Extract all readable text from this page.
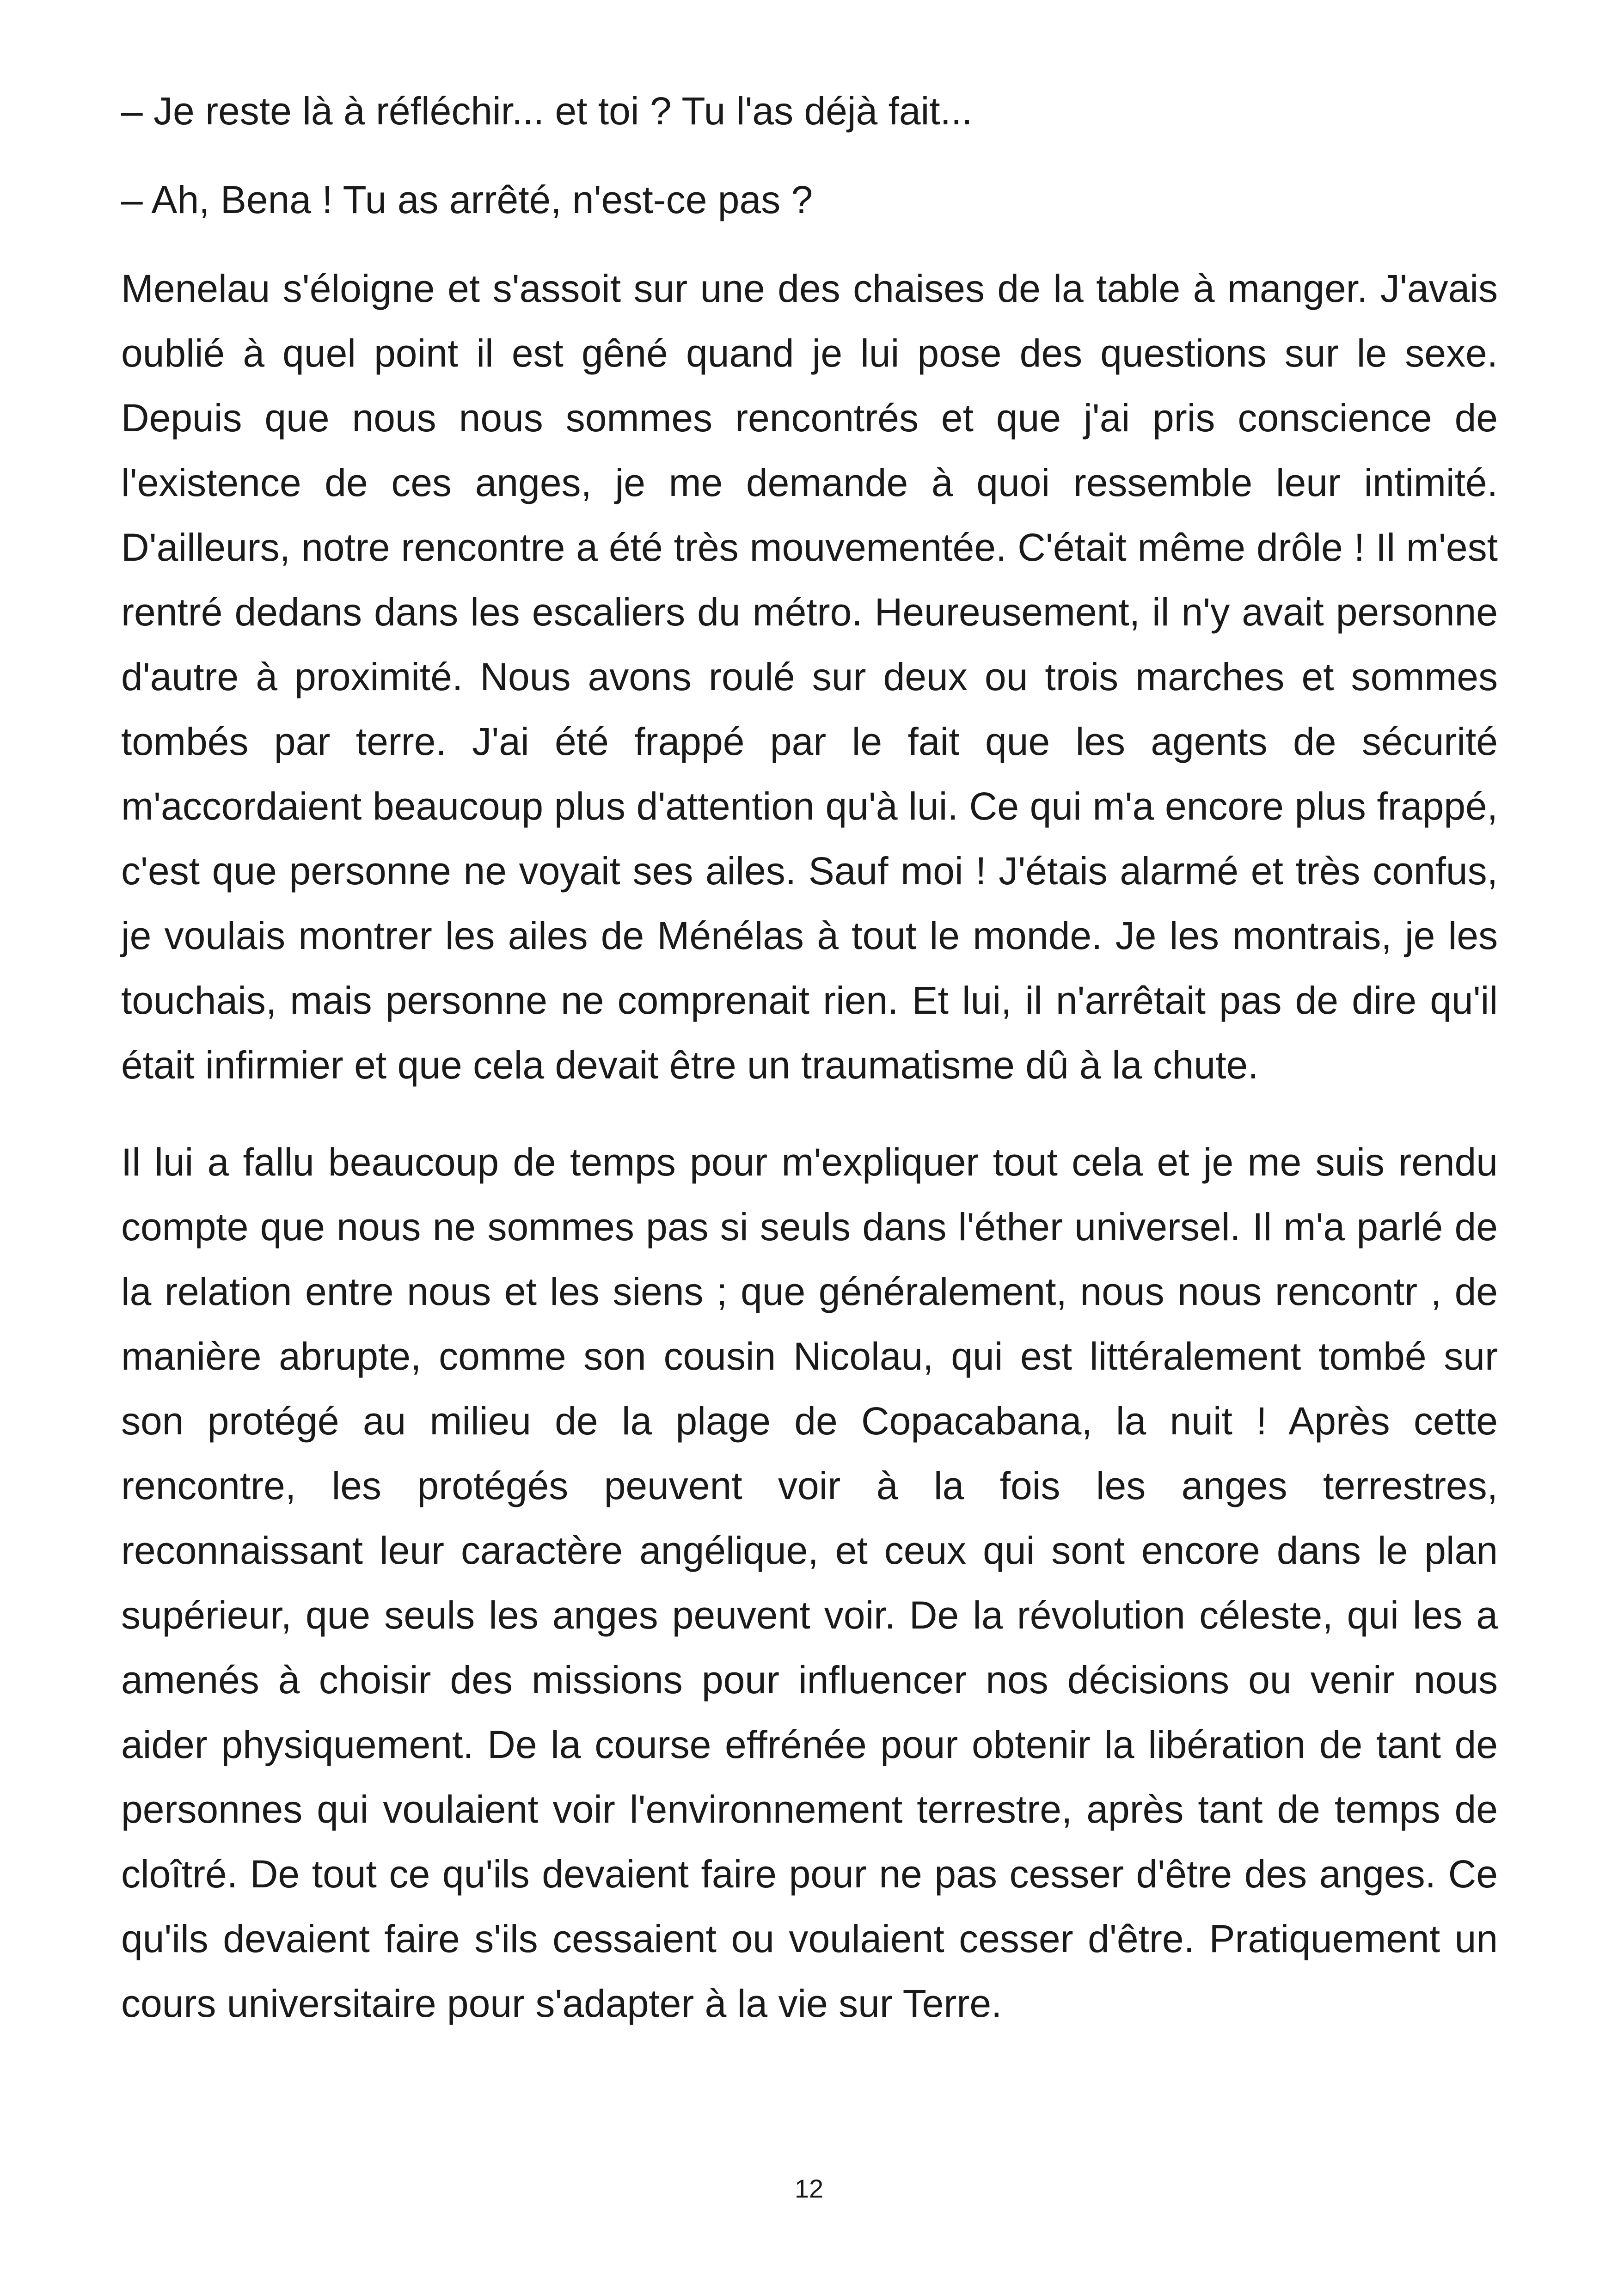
– Je reste là à réfléchir... et toi ? Tu l'as déjà fait...

– Ah, Bena ! Tu as arrêté, n'est-ce pas ?

Menelau s'éloigne et s'assoit sur une des chaises de la table à manger. J'avais oublié à quel point il est gêné quand je lui pose des questions sur le sexe. Depuis que nous nous sommes rencontrés et que j'ai pris conscience de l'existence de ces anges, je me demande à quoi ressemble leur intimité. D'ailleurs, notre rencontre a été très mouvementée. C'était même drôle ! Il m'est rentré dedans dans les escaliers du métro. Heureusement, il n'y avait personne d'autre à proximité. Nous avons roulé sur deux ou trois marches et sommes tombés par terre. J'ai été frappé par le fait que les agents de sécurité m'accordaient beaucoup plus d'attention qu'à lui. Ce qui m'a encore plus frappé, c'est que personne ne voyait ses ailes. Sauf moi ! J'étais alarmé et très confus, je voulais montrer les ailes de Ménélas à tout le monde. Je les montrais, je les touchais, mais personne ne comprenait rien. Et lui, il n'arrêtait pas de dire qu'il était infirmier et que cela devait être un traumatisme dû à la chute.

Il lui a fallu beaucoup de temps pour m'expliquer tout cela et je me suis rendu compte que nous ne sommes pas si seuls dans l'éther universel. Il m'a parlé de la relation entre nous et les siens ; que généralement, nous nous rencontr , de manière abrupte, comme son cousin Nicolau, qui est littéralement tombé sur son protégé au milieu de la plage de Copacabana, la nuit ! Après cette rencontre, les protégés peuvent voir à la fois les anges terrestres, reconnaissant leur caractère angélique, et ceux qui sont encore dans le plan supérieur, que seuls les anges peuvent voir. De la révolution céleste, qui les a amenés à choisir des missions pour influencer nos décisions ou venir nous aider physiquement. De la course effrénée pour obtenir la libération de tant de personnes qui voulaient voir l'environnement terrestre, après tant de temps de cloîtré. De tout ce qu'ils devaient faire pour ne pas cesser d'être des anges. Ce qu'ils devaient faire s'ils cessaient ou voulaient cesser d'être. Pratiquement un cours universitaire pour s'adapter à la vie sur Terre.

12
